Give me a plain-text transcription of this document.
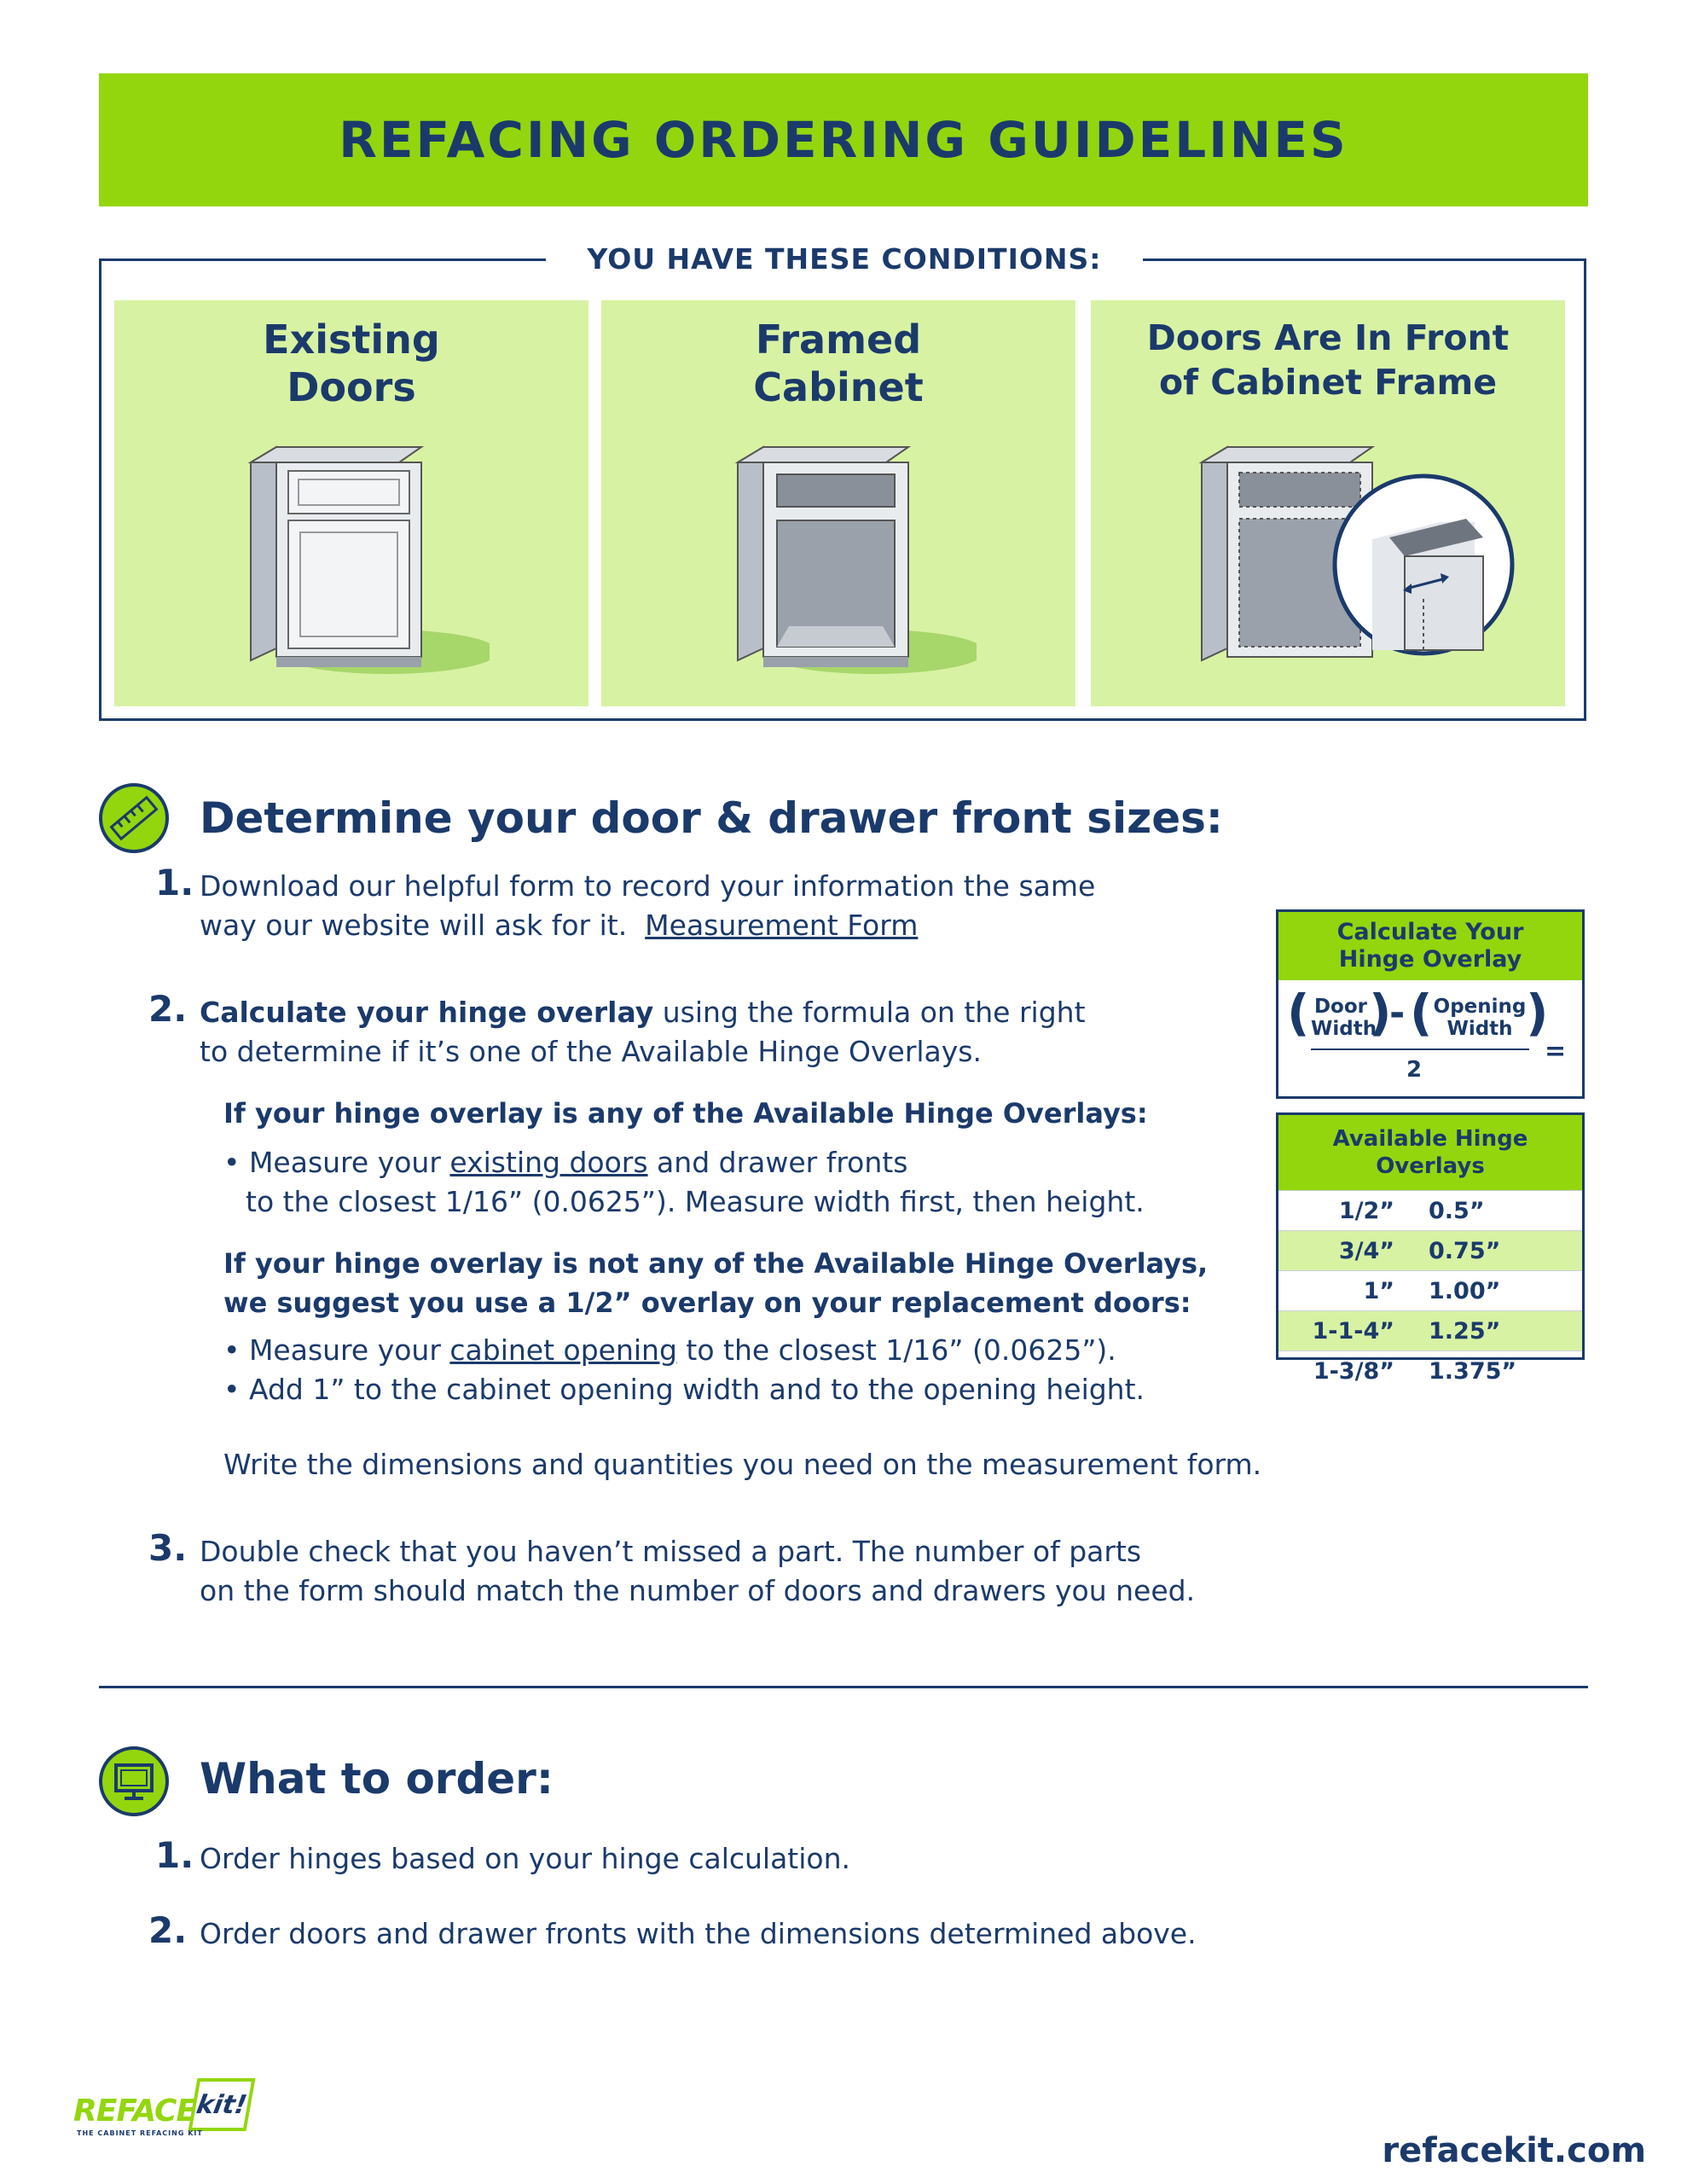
REFACING ORDERING GUIDELINES
YOU HAVE THESE CONDITIONS:
Existing
Doors
Framed
Cabinet
Doors Are In Front
of Cabinet Frame
Determine your door & drawer front sizes:
1. Download our helpful form to record your information the same
way our website will ask for it. Measurement Form
2. Calculate your hinge overlay using the formula on the right
to determine if it’s one of the Available Hinge Overlays.
If your hinge overlay is any of the Available Hinge Overlays:
• Measure your existing doors and drawer fronts
to the closest 1/16” (0.0625”). Measure width first, then height.
If your hinge overlay is not any of the Available Hinge Overlays,
we suggest you use a 1/2” overlay on your replacement doors:
• Measure your cabinet opening to the closest 1/16” (0.0625”).
• Add 1” to the cabinet opening width and to the opening height.
Write the dimensions and quantities you need on the measurement form.
3. Double check that you haven’t missed a part. The number of parts
on the form should match the number of doors and drawers you need.
Calculate Your
Hinge Overlay
( Door
Width
)
- ( Opening
Width )
2
=
Available Hinge Overlays
1/2”	0.5”
3/4”	0.75”
1”	1.00”
1-1-4”	1.25”
1-3/8”	1.375”
What to order:
1. Order hinges based on your hinge calculation.
2. Order doors and drawer fronts with the dimensions determined above.
REFACE
kit!
THE CABINET REFACING KIT	refacekit.com
